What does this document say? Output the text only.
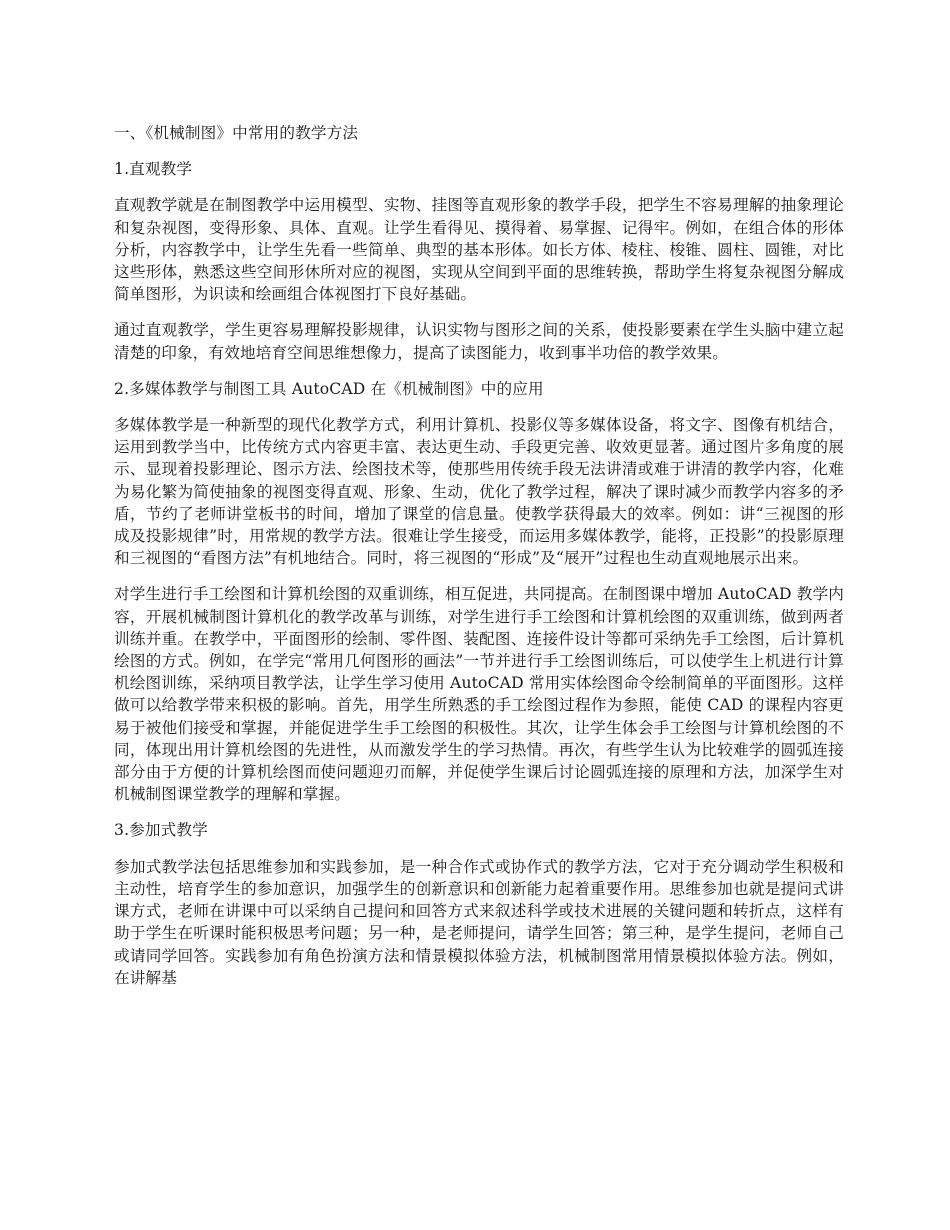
一、《机械制图》中常用的教学方法
1.直观教学

直观教学就是在制图教学中运用模型、实物、挂图等直观形象的教学手段，把学生不容易理解的抽象理论和复杂视图，变得形象、具体、直观。让学生看得见、摸得着、易掌握、记得牢。例如，在组合体的形体分析，内容教学中，让学生先看一些简单、典型的基本形体。如长方体、棱柱、梭锥、圆柱、圆锥，对比这些形体，熟悉这些空间形休所对应的视图，实现从空间到平面的思维转换，帮助学生将复杂视图分解成简单图形，为识读和绘画组合体视图打下良好基础。

通过直观教学，学生更容易理解投影规律，认识实物与图形之间的关系，使投影要素在学生头脑中建立起清楚的印象，有效地培育空间思维想像力，提高了读图能力，收到事半功倍的教学效果。

2.多媒体教学与制图工具 AutoCAD 在《机械制图》中的应用

多媒体教学是一种新型的现代化教学方式，利用计算机、投影仪等多媒体设备，将文字、图像有机结合，运用到教学当中，比传统方式内容更丰富、表达更生动、手段更完善、收效更显著。通过图片多角度的展示、显现着投影理论、图示方法、绘图技术等，使那些用传统手段无法讲清或难于讲清的教学内容，化难为易化繁为简使抽象的视图变得直观、形象、生动，优化了教学过程，解决了课时减少而教学内容多的矛盾，节约了老师讲堂板书的时间，增加了课堂的信息量。使教学获得最大的效率。例如：讲“三视图的形成及投影规律”时，用常规的教学方法。很难让学生接受，而运用多媒体教学，能将，正投影”的投影原理和三视图的“看图方法”有机地结合。同时，将三视图的“形成”及“展开”过程也生动直观地展示出来。

对学生进行手工绘图和计算机绘图的双重训练，相互促进，共同提高。在制图课中增加 AutoCAD 教学内容，开展机械制图计算机化的教学改革与训练，对学生进行手工绘图和计算机绘图的双重训练，做到两者训练并重。在教学中，平面图形的绘制、零件图、装配图、连接件设计等都可采纳先手工绘图，后计算机绘图的方式。例如，在学完“常用几何图形的画法”一节并进行手工绘图训练后，可以使学生上机进行计算机绘图训练，采纳项目教学法，让学生学习使用 AutoCAD 常用实体绘图命令绘制简单的平面图形。这样做可以给教学带来积极的影响。首先，用学生所熟悉的手工绘图过程作为参照，能使 CAD 的课程内容更易于被他们接受和掌握，并能促进学生手工绘图的积极性。其次，让学生体会手工绘图与计算机绘图的不同，体现出用计算机绘图的先进性，从而激发学生的学习热情。再次，有些学生认为比较难学的圆弧连接部分由于方便的计算机绘图而使问题迎刃而解，并促使学生课后讨论圆弧连接的原理和方法，加深学生对机械制图课堂教学的理解和掌握。

3.参加式教学

参加式教学法包括思维参加和实践参加，是一种合作式或协作式的教学方法，它对于充分调动学生积极和主动性，培育学生的参加意识，加强学生的创新意识和创新能力起着重要作用。思维参加也就是提问式讲课方式，老师在讲课中可以采纳自己提问和回答方式来叙述科学或技术进展的关键问题和转折点，这样有助于学生在听课时能积极思考问题；另一种，是老师提问，请学生回答；第三种，是学生提问，老师自己或请同学回答。实践参加有角色扮演方法和情景模拟体验方法，机械制图常用情景模拟体验方法。例如，在讲解基
